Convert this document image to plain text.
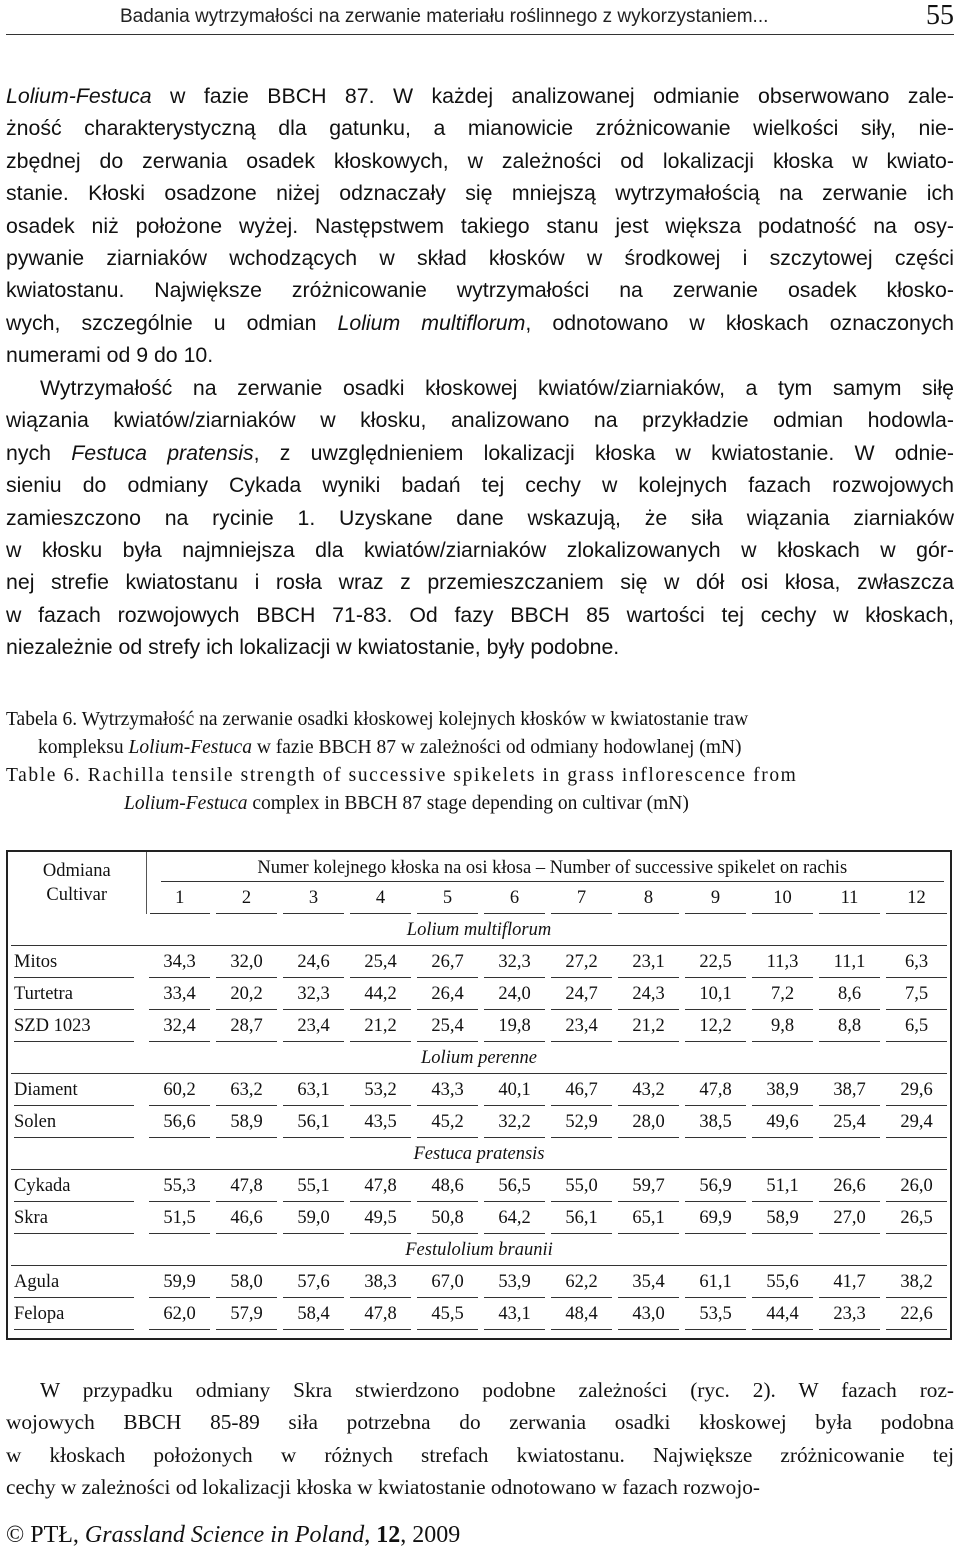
Badania wytrzymałości na zerwanie materiału roślinnego z wykorzystaniem...	55
Lolium-Festuca w fazie BBCH 87. W każdej analizowanej odmianie obserwowano zale-
żność charakterystyczną dla gatunku, a mianowicie zróżnicowanie wielkości siły, nie-
zbędnej do zerwania osadek kłoskowych, w zależności od lokalizacji kłoska w kwiato-
stanie. Kłoski osadzone niżej odznaczały się mniejszą wytrzymałością na zerwanie ich
osadek niż położone wyżej. Następstwem takiego stanu jest większa podatność na osy-
pywanie ziarniaków wchodzących w skład kłosków w środkowej i szczytowej części
kwiatostanu. Największe zróżnicowanie wytrzymałości na zerwanie osadek kłosko-
wych, szczególnie u odmian Lolium multiflorum, odnotowano w kłoskach oznaczonych
numerami od 9 do 10.
Wytrzymałość na zerwanie osadki kłoskowej kwiatów/ziarniaków, a tym samym siłę
wiązania kwiatów/ziarniaków w kłosku, analizowano na przykładzie odmian hodowla-
nych Festuca pratensis, z uwzględnieniem lokalizacji kłoska w kwiatostanie. W odnie-
sieniu do odmiany Cykada wyniki badań tej cechy w kolejnych fazach rozwojowych
zamieszczono na rycinie 1. Uzyskane dane wskazują, że siła wiązania ziarniaków
w kłosku była najmniejsza dla kwiatów/ziarniaków zlokalizowanych w kłoskach w gór-
nej strefie kwiatostanu i rosła wraz z przemieszczaniem się w dół osi kłosa, zwłaszcza
w fazach rozwojowych BBCH 71-83. Od fazy BBCH 85 wartości tej cechy w kłoskach,
niezależnie od strefy ich lokalizacji w kwiatostanie, były podobne.
Tabela 6. Wytrzymałość na zerwanie osadki kłoskowej kolejnych kłosków w kwiatostanie traw
kompleksu Lolium-Festuca w fazie BBCH 87 w zależności od odmiany hodowlanej (mN)
Table 6. Rachilla tensile strength of successive spikelets in grass inflorescence from
Lolium-Festuca complex in BBCH 87 stage depending on cultivar (mN)
Odmiana
Cultivar	Numer kolejnego kłoska na osi kłosa – Number of successive spikelet on rachis											

	1	2	3	4	5	6	7	8	9	10	11	12

Lolium multiflorum												

Mitos	34,3	32,0	24,6	25,4	26,7	32,3	27,2	23,1	22,5	11,3	11,1	6,3

Turtetra	33,4	20,2	32,3	44,2	26,4	24,0	24,7	24,3	10,1	7,2	8,6	7,5

SZD 1023	32,4	28,7	23,4	21,2	25,4	19,8	23,4	21,2	12,2	9,8	8,8	6,5

Lolium perenne												

Diament	60,2	63,2	63,1	53,2	43,3	40,1	46,7	43,2	47,8	38,9	38,7	29,6

Solen	56,6	58,9	56,1	43,5	45,2	32,2	52,9	28,0	38,5	49,6	25,4	29,4

Festuca pratensis												

Cykada	55,3	47,8	55,1	47,8	48,6	56,5	55,0	59,7	56,9	51,1	26,6	26,0

Skra	51,5	46,6	59,0	49,5	50,8	64,2	56,1	65,1	69,9	58,9	27,0	26,5

Festulolium braunii												

Agula	59,9	58,0	57,6	38,3	67,0	53,9	62,2	35,4	61,1	55,6	41,7	38,2

Felopa	62,0	57,9	58,4	47,8	45,5	43,1	48,4	43,0	53,5	44,4	23,3	22,6
W przypadku odmiany Skra stwierdzono podobne zależności (ryc. 2). W fazach roz-
wojowych BBCH 85-89 siła potrzebna do zerwania osadki kłoskowej była podobna
w kłoskach położonych w różnych strefach kwiatostanu. Największe zróżnicowanie tej
cechy w zależności od lokalizacji kłoska w kwiatostanie odnotowano w fazach rozwojo-
© PTŁ, Grassland Science in Poland, 12, 2009
